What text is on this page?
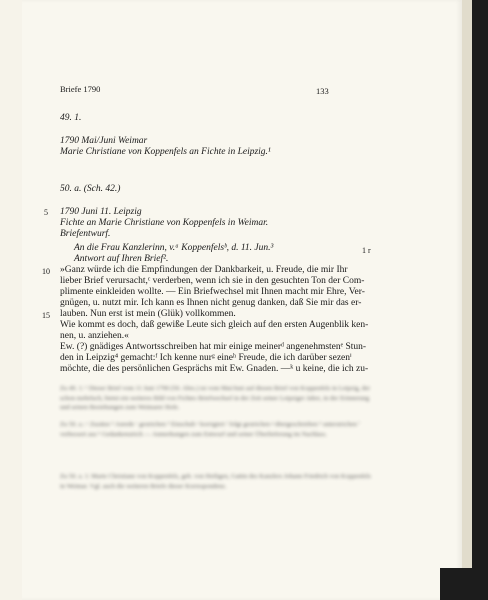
Briefe 1790	133
49. 1.
1790 Mai/Juni Weimar
Marie Christiane von Koppenfels an Fichte in Leipzig.¹
50. a. (Sch. 42.)
5 1790 Juni 11. Leipzig
Fichte an Marie Christiane von Koppenfels in Weimar.
Briefentwurf.
An die Frau Kanzlerinn, v.ᵃ Koppenfelsᵇ, d. 11. Jun.³	1 r
Antwort auf Ihren Brief².
10 »Ganz würde ich die Empfindungen der Dankbarkeit, u. Freude, die mir Ihr
lieber Brief verursacht,ᶜ verderben, wenn ich sie in den gesuchten Ton der Com-
plimente einkleiden wollte. — Ein Briefwechsel mit Ihnen macht mir Ehre, Ver-
gnügen, u. nutzt mir. Ich kann es Ihnen nicht genug danken, daß Sie mir das er-
lauben. Nun erst ist mein (Glük) vollkommen.
15
Wie kommt es doch, daß gewiße Leute sich gleich auf den ersten Augenblik ken-
nen, u. anziehen.«
Ew. (?) gnädiges Antwortsschreiben hat mir einige meinerᵈ angenehmstenᵉ Stun-
den in Leipzig⁴ gemacht:ᶠ Ich kenne nurᵍ eineʰ Freude, die ich darüber sezenⁱ
möchte, die des persönlichen Gesprächs mit Ew. Gnaden. —ᵏ u keine, die ich zu-
Zu 49. 1: ¹ Dieser Brief vom 11 Juni 1790 (50. Abrs.) ist vom Mai/Juni auf diesen Brief von Koppenfels in Leipzig, der schon mehrfach, bietet ein weiteres Bild von Fichtes Briefwechsel in der Zeit seiner Leipziger Jahre, in der Erinnerung und seinen Beziehungen zum Weimarer Hofe.
Zu 50. a.: ᵃ Zusätze ᵇ Anrede ᶜ gestrichen ᵈ Einschub ᵉ korrigiert ᶠ folgt gestrichen ᵍ übergeschrieben ʰ unterstrichen ⁱ verbessert aus ᵏ Gedankenstrich — Anmerkungen zum Entwurf und seiner Überlieferung im Nachlass.
Zu 50. a. 1: Marie Christiane von Koppenfels, geb. von Heiligen, Gattin des Kanzlers Johann Friedrich von Koppenfels in Weimar. Vgl. auch die weiteren Briefe dieser Korrespondenz.
